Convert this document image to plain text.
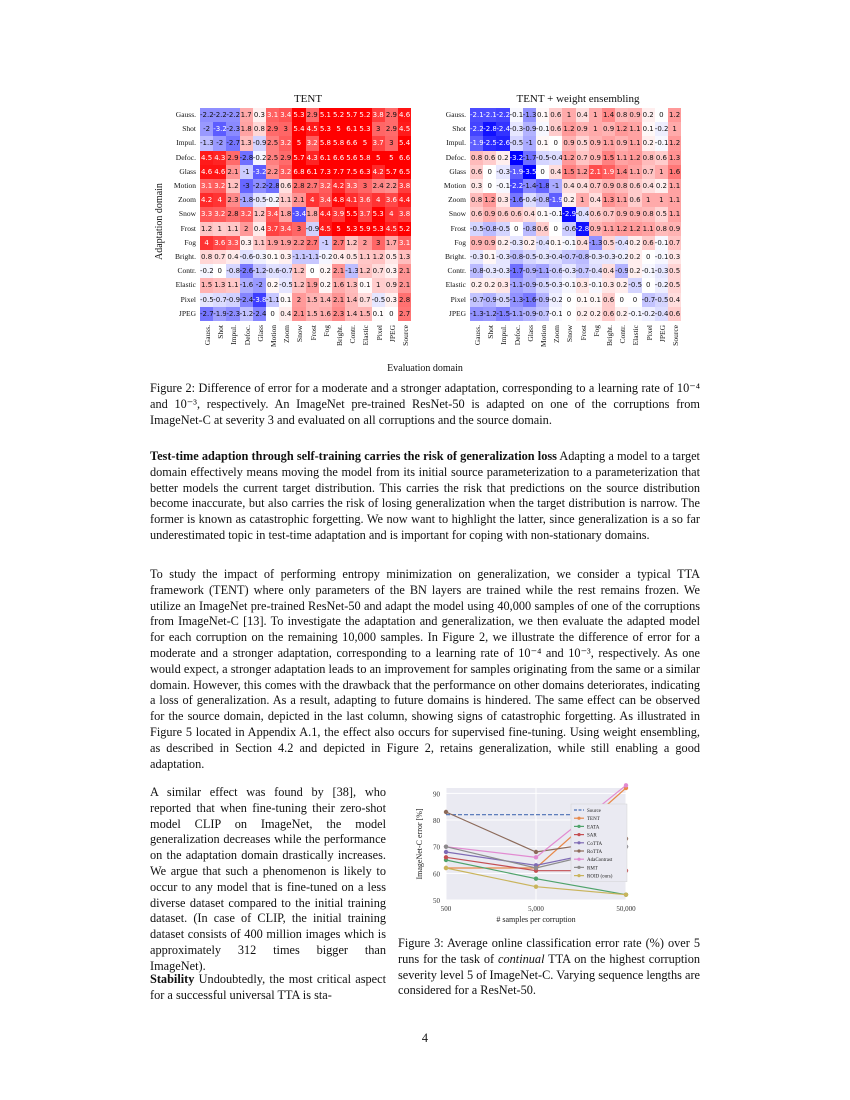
TENT	TENT + weight ensembling
Adaptation domain
Gauss. -2.2 -2.2 -2.2 1.7 0.3 3.1 3.4 5.3 2.9 5.1 5.2 5.7 5.2 3.8 2.9 4.6
Shot	-2 -3.2 -2.3 1.8 0.8 2.9 3 5.4 4.5 5.3 5 6.1 5.3 3 2.9 4.5
Impul. -1.3 -2 -2.7 1.3 -0.9 2.5 3.2 5 3.2 5.8 5.8 6.6 5 3.7 3 5.4
Defoc. 4.5 4.3 2.9 -2.8 -0.2 2.5 2.9 5.7 4.3 6.1 6.6 5.6 5.8 5	5 6.6
Glass 4.6 4.6 2.1 -1 -3.2 2.2 3.2 6.8 6.1 7.3 7.7 7.5 6.3 4.2 5.7 6.5
Motion 3.1 3.2 1.2 -3 -2.2 -2.8 0.6 2.8 2.7 3.2 4.2 3.3 3 2.4 2.2 3.8
Zoom 4.2 4 2.3 -1.8 -0.5 -0.2 1.1 2.1 4 3.4 4.8 4.1 3.6 4 3.6 4.4
Snow 3.3 3.2 2.8 3.2 1.2 3.4 1.8 -3.4 1.8 4.4 3.9 5.5 3.7 5.3 4 3.8
Frost 1.2 1 1.1 2 0.4 3.7 3.4 3 -0.9 4.5 5 5.3 5.9 5.3 4.5 5.2
Fog	4 3.6 3.3 0.3 1.1 1.9 1.9 2.2 2.7 -1 2.7 1.2 2	3 1.7 3.1
Bright. 0.8 0.7 0.4 -0.6 -0.3 0.1 0.3 -1.1 -1.1 -0.2 0.4 0.5 1.1 1.2 0.5 1.3
Contr. -0.2 0 -0.8 -2.6 -1.2 -0.6 -0.7 1.2 0 0.2 2.1 -1.3 1.2 0.7 0.3 2.1
Elastic 1.5 1.3 1.1 -1.6 -2 0.2 -0.5 1.2 1.9 0.2 1.6 1.3 0.1 1 0.9 2.1
Pixel -0.5 -0.7 -0.9 -2.4 -3.8 -1.1 0.1 2 1.5 1.4 2.1 1.4 0.7 -0.5 0.3 2.8
JPEG -2.7 -1.9 -2.3 -1.2 -2.4 0 0.4 2.1 1.5 1.6 2.3 1.4 1.5 0.1 0 2.7
Gauss. Shot Impul. Defoc. Glass Motion Zoom Snow Frost Fog Bright. Contr. Elastic Pixel JPEG Source
Gauss. -2.1 -2.1 -2.2 -0.1 -1.3 0.1 0.6 1 0.4 1 1.4 0.8 0.9 0.2 0 1.2
Shot -2.2 -2.8 -2.4 -0.3 -0.9 -0.1 0.6 1.2 0.9 1 0.9 1.2 1.1 0.1 -0.2 1
Impul. -1.9 -2.5 -2.6 -0.5 -1 0.1 0 0.9 0.5 0.9 1.1 0.9 1.1 0.2 -0.1 1.2
Defoc. 0.8 0.6 0.2 -3.2 -1.7 -0.5 -0.4 1.2 0.7 0.9 1.5 1.1 1.2 0.8 0.6 1.3
Glass 0.6 0 -0.3 -1.9 -3.5 0 0.4 1.5 1.2 2.1 1.9 1.4 1.1 0.7 1 1.6
Motion 0.3 0 -0.1 -2.2 -1.4 -1.8 -1 0.4 0.4 0.7 0.9 0.8 0.6 0.4 0.2 1.1
Zoom 0.8 1.2 0.3 -1.6 -0.4 -0.8 -1.9 0.2 1 0.4 1.3 1.1 0.6 1	1 1.1
Snow 0.6 0.9 0.6 0.6 0.4 0.1 -0.1 -2.9 -0.4 0.6 0.7 0.9 0.9 0.8 0.5 1.1
Frost -0.5 -0.8 -0.5 0 -0.8 0.6 0 -0.6 -2.8 0.9 1.1 1.2 1.2 1.1 0.8 0.9
Fog 0.9 0.9 0.2 -0.3 0.2 -0.4 0.1 -0.1 0.4 -1.3 0.5 -0.4 0.2 0.6 -0.1 0.7
Bright. -0.3 0.1 -0.3 -0.8 -0.5 -0.3 -0.4 -0.7 -0.8 -0.3 -0.3 -0.2 0.2 0 -0.1 0.3
Contr. -0.8 -0.3 -0.3 -1.7 -0.9 -1.1 -0.6 -0.3 -0.7 -0.4 0.4 -0.9 0.2 -0.1 -0.3 0.5
Elastic 0.2 0.2 0.3 -1.1 -0.9 -0.5 -0.3 -0.1 0.3 -0.1 0.3 0.2 -0.5 0 -0.2 0.5
Pixel -0.7 -0.9 -0.5 -1.3 -1.6 -0.9 -0.2 0 0.1 0.1 0.6 0	0 -0.7 -0.5 0.4
JPEG -1.3 -1.2 -1.5 -1.1 -0.9 -0.7 -0.1 0 0.2 0.2 0.6 0.2 -0.1 -0.2 -0.4 0.6
Gauss. Shot Impul. Defoc. Glass Motion Zoom Snow Frost Fog Bright. Contr. Elastic Pixel JPEG Source
Evaluation domain
Figure 2: Difference of error for a moderate and a stronger adaptation, corresponding to a learning rate of 10⁻⁴ and 10⁻³, respectively. An ImageNet pre-trained ResNet-50 is adapted on one of the corruptions from ImageNet-C at severity 3 and evaluated on all corruptions and the source domain.
Test-time adaption through self-training carries the risk of generalization loss Adapting a model to a target domain effectively means moving the model from its initial source parameterization to a parameterization that better models the current target distribution. This carries the risk that predictions on the source distribution become inaccurate, but also carries the risk of losing generalization when the target distribution is narrow. The former is known as catastrophic forgetting. We now want to highlight the latter, since generalization is a so far underestimated topic in test-time adaptation and is important for coping with non-stationary domains.
To study the impact of performing entropy minimization on generalization, we consider a typical TTA framework (TENT) where only parameters of the BN layers are trained while the rest remains frozen. We utilize an ImageNet pre-trained ResNet-50 and adapt the model using 40,000 samples of one of the corruptions from ImageNet-C [13]. To investigate the adaptation and generalization, we then evaluate the adapted model for each corruption on the remaining 10,000 samples. In Figure 2, we illustrate the difference of error for a moderate and a stronger adaptation, corresponding to a learning rate of 10⁻⁴ and 10⁻³, respectively. As one would expect, a stronger adaptation leads to an improvement for samples originating from the same or a similar domain. However, this comes with the drawback that the performance on other domains deteriorates, indicating a loss of generalization. As a result, adapting to future domains is hindered. The same effect can be observed for the source domain, depicted in the last column, showing signs of catastrophic forgetting. As illustrated in Figure 5 located in Appendix A.1, the effect also occurs for supervised fine-tuning. Using weight ensembling, as described in Section 4.2 and depicted in Figure 2, retains generalization, while still enabling a good adaptation.
A similar effect was found by [38], who reported that when fine-tuning their zero-shot model CLIP on ImageNet, the model generalization decreases while the performance on the adaptation domain drastically increases. We argue that such a phenomenon is likely to occur to any model that is fine-tuned on a less diverse dataset compared to the initial training dataset. (In case of CLIP, the initial training dataset consists of 400 million images which is approximately 312 times bigger than ImageNet).
Stability Undoubtedly, the most critical aspect for a successful universal TTA is sta-
50
60
70
80
90
500	5,000	50,000
# samples per corruption
ImageNet-C error [%]	Source
TENT
EATA
SAR
CoTTA
RoTTA
AdaContrast
RMT
ROID (ours)
Figure 3: Average online classification error rate (%) over 5 runs for the task of continual TTA on the highest corruption severity level 5 of ImageNet-C. Varying sequence lengths are considered for a ResNet-50.
4
